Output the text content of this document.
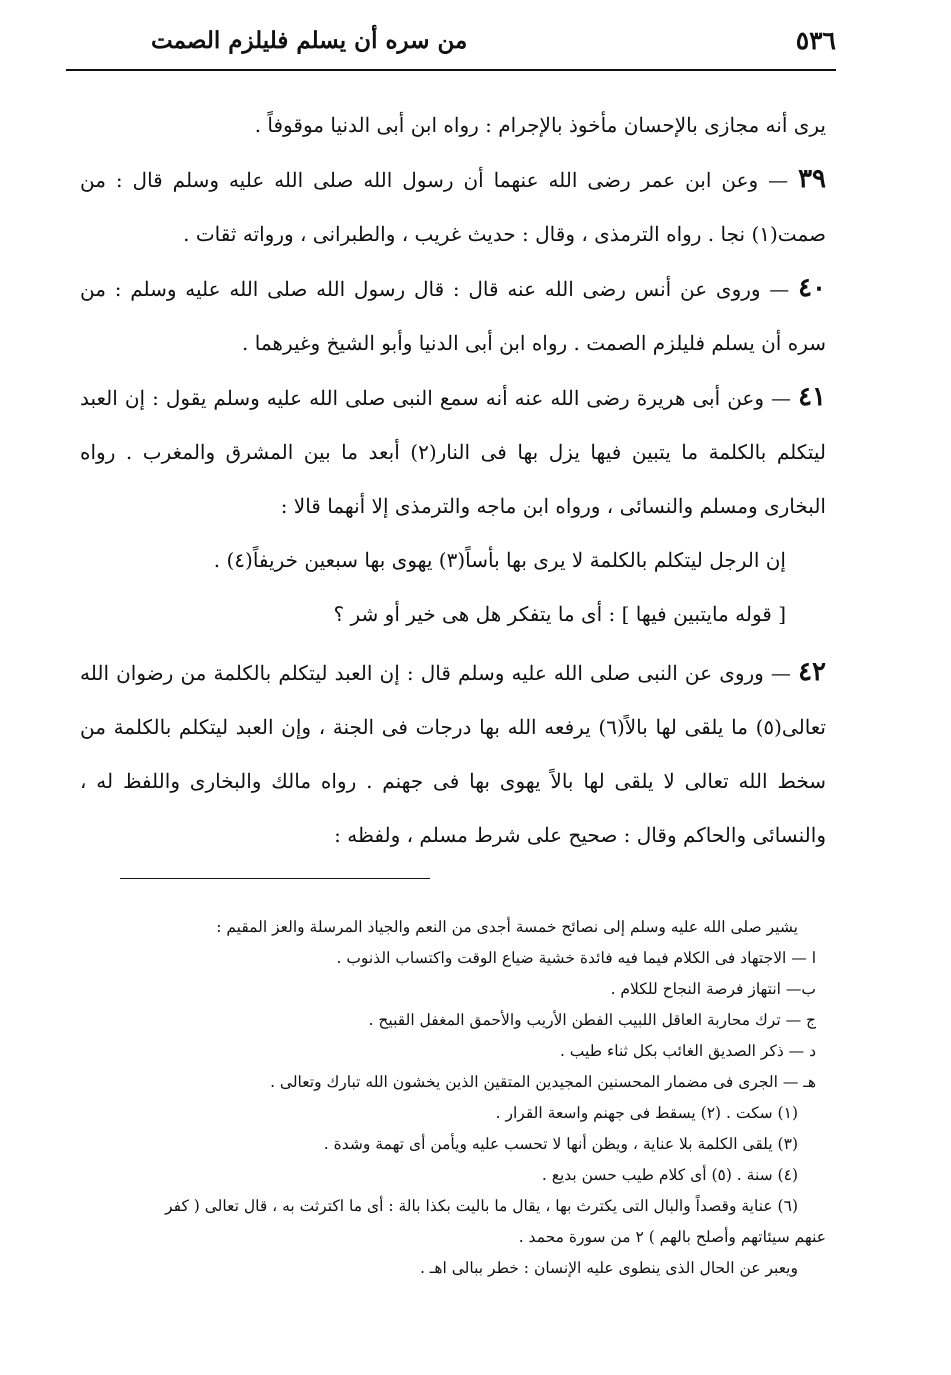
٥٣٦
من سره أن يسلم فليلزم الصمت

يرى أنه مجازى بالإحسان مأخوذ بالإجرام : رواه ابن أبى الدنيا موقوفاً .

٣٩ — وعن ابن عمر رضى الله عنهما أن رسول الله صلى الله عليه وسلم قال : من صمت(١) نجا . رواه الترمذى ، وقال : حديث غريب ، والطبرانى ، ورواته ثقات .

٤٠ — وروى عن أنس رضى الله عنه قال : قال رسول الله صلى الله عليه وسلم : من سره أن يسلم فليلزم الصمت . رواه ابن أبى الدنيا وأبو الشيخ وغيرهما .

٤١ — وعن أبى هريرة رضى الله عنه أنه سمع النبى صلى الله عليه وسلم يقول : إن العبد ليتكلم بالكلمة ما يتبين فيها يزل بها فى النار(٢) أبعد ما بين المشرق والمغرب . رواه البخارى ومسلم والنسائى ، ورواه ابن ماجه والترمذى إلا أنهما قالا :

إن الرجل ليتكلم بالكلمة لا يرى بها بأساً(٣) يهوى بها سبعين خريفاً(٤) .

[ قوله مايتبين فيها ] : أى ما يتفكر هل هى خير أو شر ؟

٤٢ — وروى عن النبى صلى الله عليه وسلم قال : إن العبد ليتكلم بالكلمة من رضوان الله تعالى(٥) ما يلقى لها بالاً(٦) يرفعه الله بها درجات فى الجنة ، وإن العبد ليتكلم بالكلمة من سخط الله تعالى لا يلقى لها بالاً يهوى بها فى جهنم . رواه مالك والبخارى واللفظ له ، والنسائى والحاكم وقال : صحيح على شرط مسلم ، ولفظه :

يشير صلى الله عليه وسلم إلى نصائح خمسة أجدى من النعم والجياد المرسلة والعز المقيم :

ا — الاجتهاد فى الكلام فيما فيه فائدة خشية ضياع الوقت واكتساب الذنوب .

ب— انتهاز فرصة النجاح للكلام .

ج — ترك محاربة العاقل اللبيب الفطن الأريب والأحمق المغفل القبيح .

د — ذكر الصديق الغائب بكل ثناء طيب .

هـ — الجرى فى مضمار المحسنين المجيدين المتقين الذين يخشون الله تبارك وتعالى .

(١) سكت . (٢) يسقط فى جهنم واسعة القرار .

(٣) يلقى الكلمة بلا عناية ، ويظن أنها لا تحسب عليه ويأمن أى تهمة وشدة .

(٤) سنة . (٥) أى كلام طيب حسن بديع .

(٦) عناية وقصداً والبال التى يكترث بها ، يقال ما باليت بكذا بالة : أى ما اكترثت به ، قال تعالى ( كفر

عنهم سيئاتهم وأصلح بالهم ) ٢ من سورة محمد .

ويعبر عن الحال الذى ينطوى عليه الإنسان : خطر ببالى اهـ .
